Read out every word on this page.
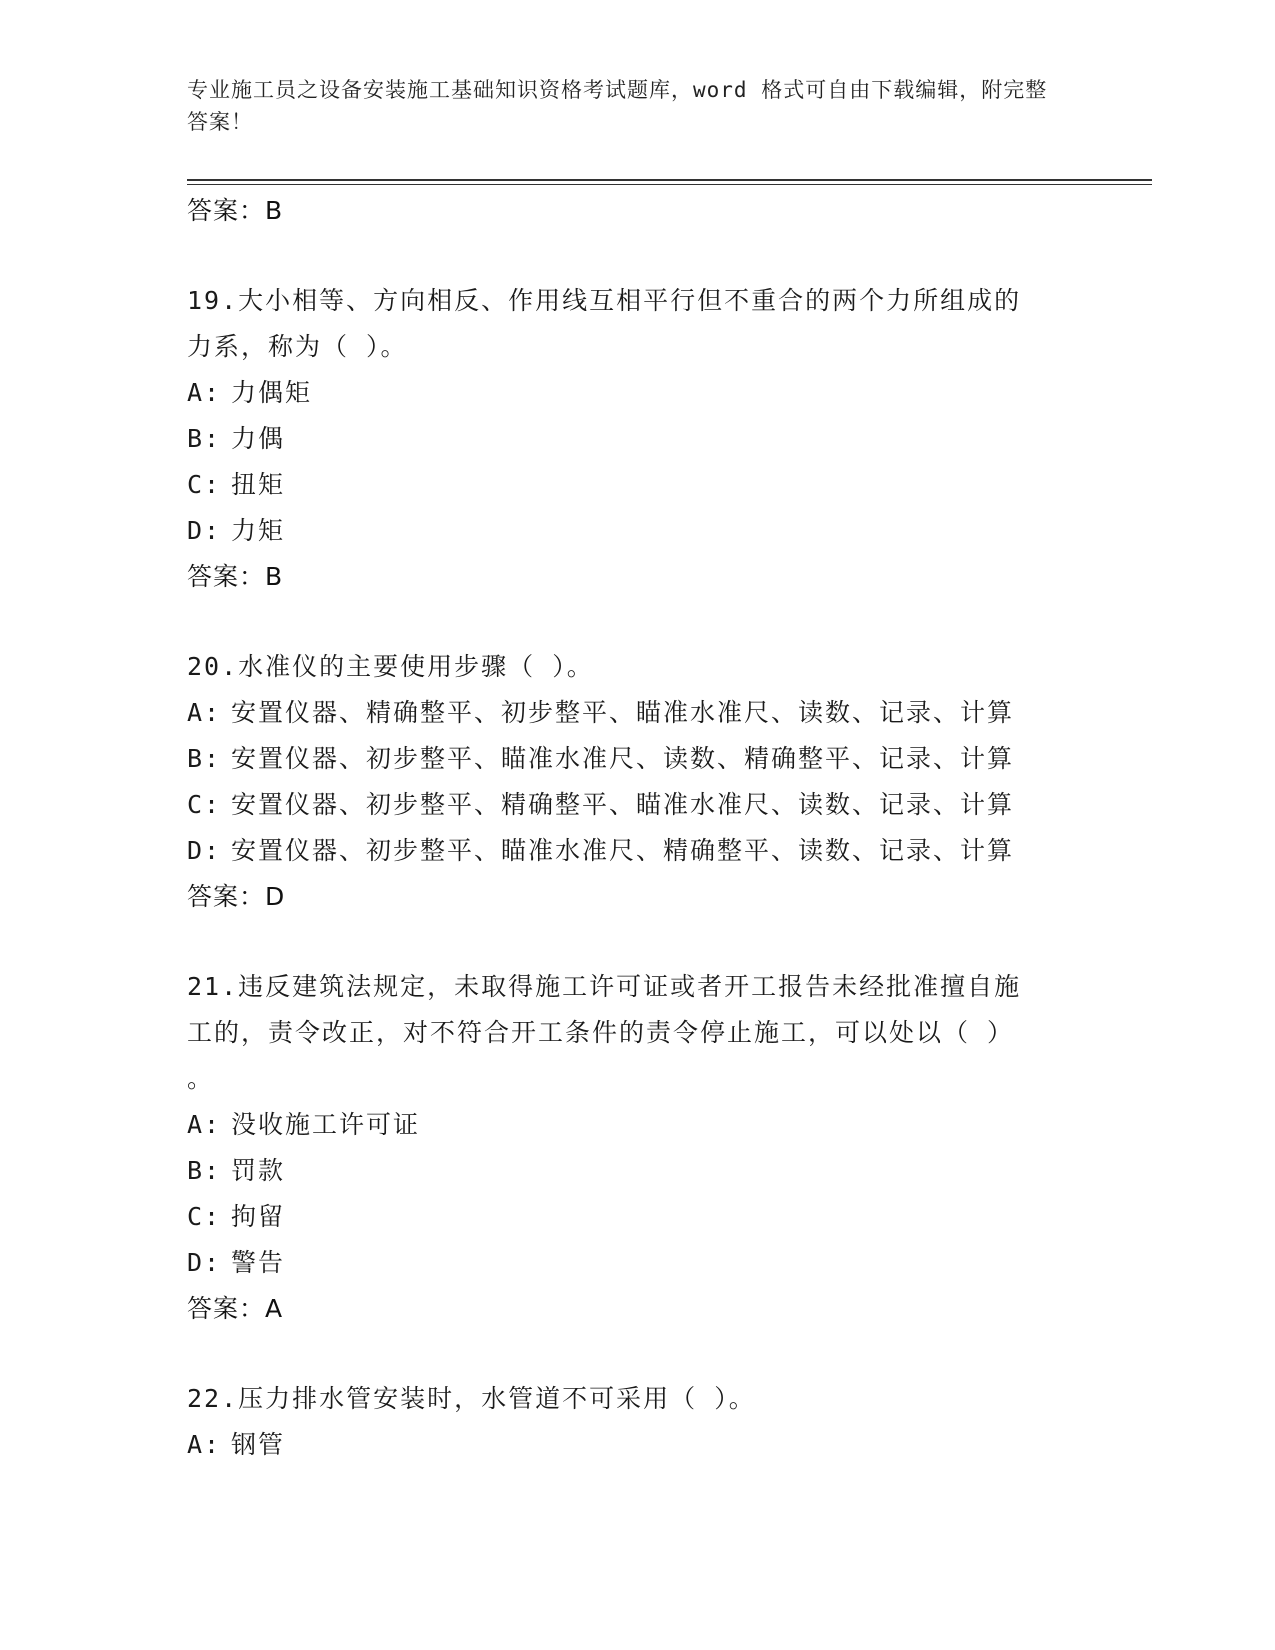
专业施工员之设备安装施工基础知识资格考试题库，word 格式可自由下载编辑，附完整答案！
答案：B
19.大小相等、方向相反、作用线互相平行但不重合的两个力所组成的
力系，称为（ ）。
A: 力偶矩
B: 力偶
C: 扭矩
D: 力矩
答案：B
20.水准仪的主要使用步骤（ ）。
A: 安置仪器、精确整平、初步整平、瞄准水准尺、读数、记录、计算
B: 安置仪器、初步整平、瞄准水准尺、读数、精确整平、记录、计算
C: 安置仪器、初步整平、精确整平、瞄准水准尺、读数、记录、计算
D: 安置仪器、初步整平、瞄准水准尺、精确整平、读数、记录、计算
答案：D
21.违反建筑法规定，未取得施工许可证或者开工报告未经批准擅自施
工的，责令改正，对不符合开工条件的责令停止施工，可以处以（ ）
。
A: 没收施工许可证
B: 罚款
C: 拘留
D: 警告
答案：A
22.压力排水管安装时，水管道不可采用（ ）。
A: 钢管
